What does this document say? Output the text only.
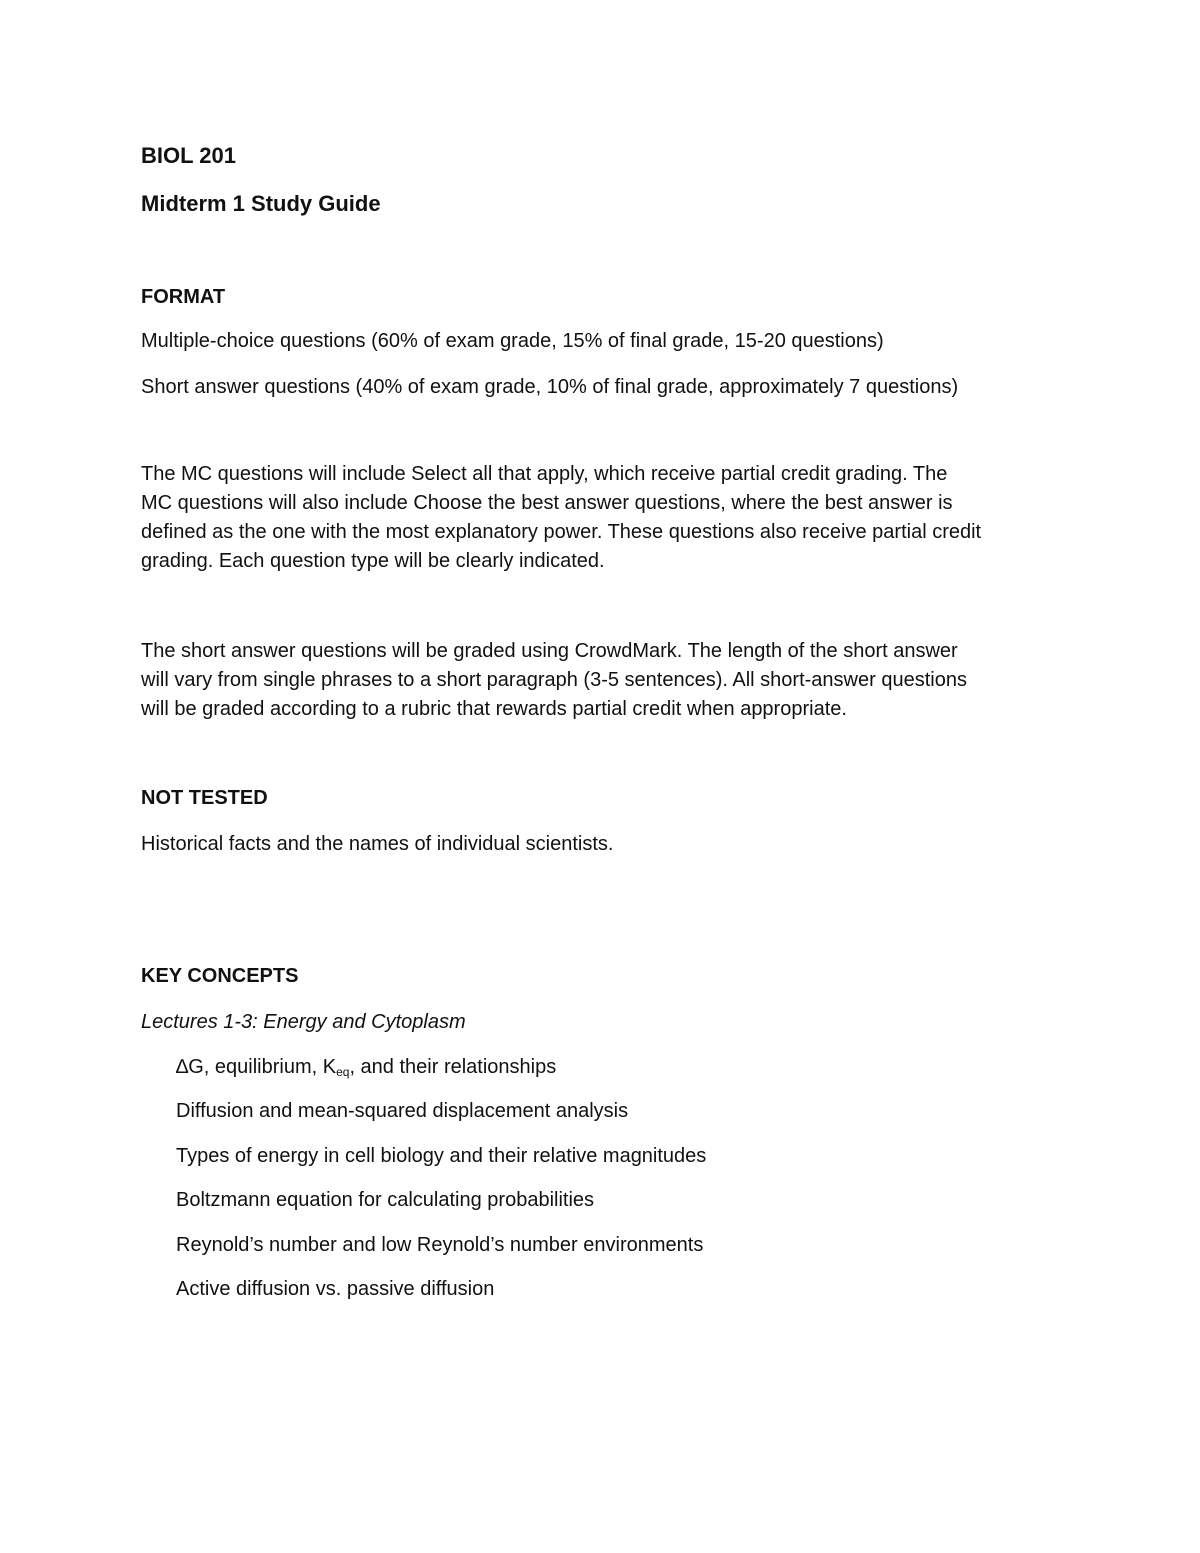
BIOL 201
Midterm 1 Study Guide
FORMAT
Multiple-choice questions (60% of exam grade, 15% of final grade, 15-20 questions)
Short answer questions (40% of exam grade, 10% of final grade, approximately 7 questions)
The MC questions will include Select all that apply, which receive partial credit grading. The
MC questions will also include Choose the best answer questions, where the best answer is
defined as the one with the most explanatory power. These questions also receive partial credit
grading. Each question type will be clearly indicated.
The short answer questions will be graded using CrowdMark. The length of the short answer
will vary from single phrases to a short paragraph (3-5 sentences). All short-answer questions
will be graded according to a rubric that rewards partial credit when appropriate.
NOT TESTED
Historical facts and the names of individual scientists.
KEY CONCEPTS
Lectures 1-3: Energy and Cytoplasm
∆G, equilibrium, $K_{eq}$, and their relationships
Diffusion and mean-squared displacement analysis
Types of energy in cell biology and their relative magnitudes
Boltzmann equation for calculating probabilities
Reynold’s number and low Reynold’s number environments
Active diffusion vs. passive diffusion
